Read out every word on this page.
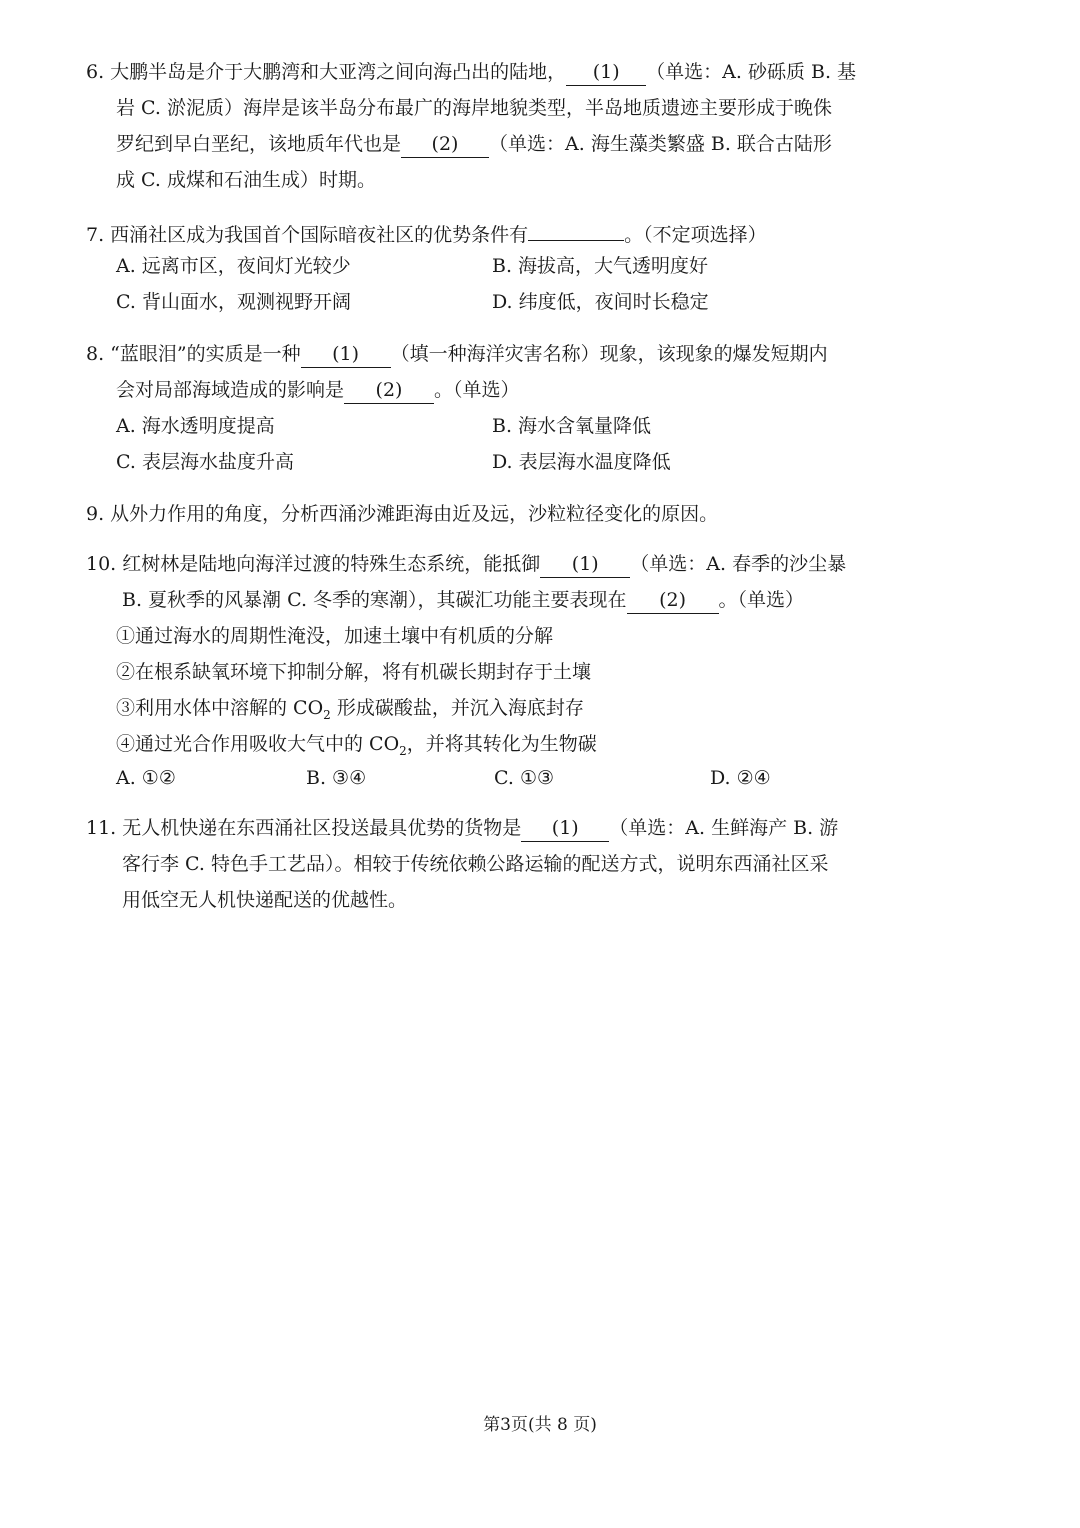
6. 大鹏半岛是介于大鹏湾和大亚湾之间向海凸出的陆地， (1) （单选：A. 砂砾质 B. 基
岩 C. 淤泥质）海岸是该半岛分布最广的海岸地貌类型，半岛地质遗迹主要形成于晚侏
罗纪到早白垩纪，该地质年代也是 (2) （单选：A. 海生藻类繁盛 B. 联合古陆形
成 C. 成煤和石油生成）时期。
7. 西涌社区成为我国首个国际暗夜社区的优势条件有	。（不定项选择）
A. 远离市区，夜间灯光较少	B. 海拔高，大气透明度好
C. 背山面水，观测视野开阔	D. 纬度低，夜间时长稳定
8. “蓝眼泪”的实质是一种 (1) （填一种海洋灾害名称）现象，该现象的爆发短期内
会对局部海域造成的影响是 (2) 。（单选）
A. 海水透明度提高	B. 海水含氧量降低
C. 表层海水盐度升高	D. 表层海水温度降低
9. 从外力作用的角度，分析西涌沙滩距海由近及远，沙粒粒径变化的原因。
10. 红树林是陆地向海洋过渡的特殊生态系统，能抵御 (1) （单选：A. 春季的沙尘暴
B. 夏秋季的风暴潮 C. 冬季的寒潮），其碳汇功能主要表现在 (2) 。（单选）
①通过海水的周期性淹没，加速土壤中有机质的分解
②在根系缺氧环境下抑制分解，将有机碳长期封存于土壤
③利用水体中溶解的 $CO_2$ 形成碳酸盐，并沉入海底封存
④通过光合作用吸收大气中的 $CO_2$，并将其转化为生物碳
A. ①②	B. ③④	C. ①③	D. ②④
11. 无人机快递在东西涌社区投送最具优势的货物是 (1) （单选：A. 生鲜海产 B. 游
客行李 C. 特色手工艺品）。相较于传统依赖公路运输的配送方式，说明东西涌社区采
用低空无人机快递配送的优越性。
第3页(共 8 页)
